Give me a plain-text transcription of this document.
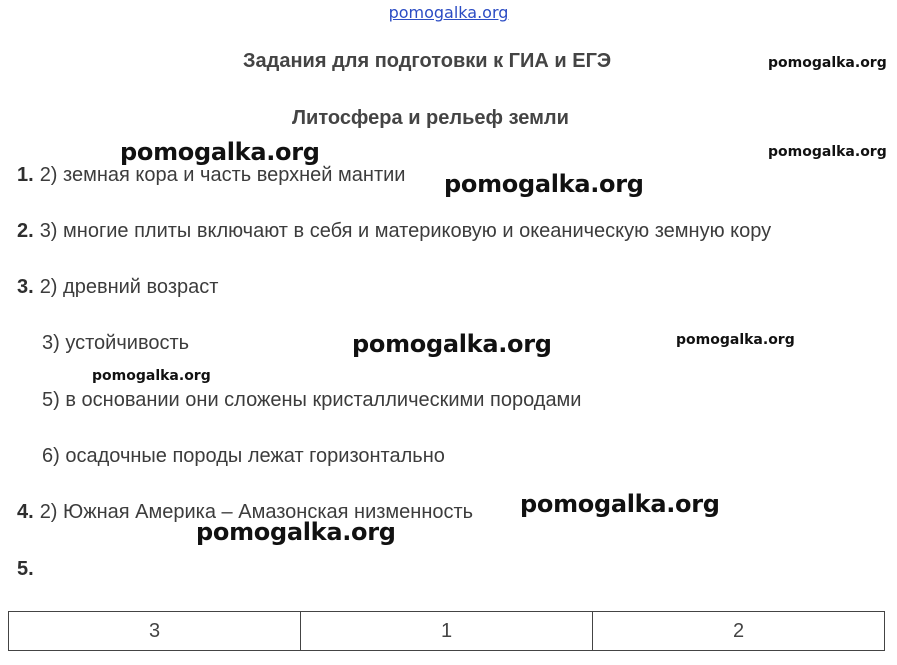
pomogalka.org
Задания для подготовки к ГИА и ЕГЭ
Литосфера и рельеф земли
1. 2) земная кора и часть верхней мантии
2. 3) многие плиты включают в себя и материковую и океаническую земную кору
3. 2) древний возраст
3) устойчивость
5) в основании они сложены кристаллическими породами
6) осадочные породы лежат горизонтально
4. 2) Южная Америка – Амазонская низменность
5.
3	1	2
pomogalka.org
pomogalka.org	pomogalka.org
pomogalka.org
pomogalka.org	pomogalka.org
pomogalka.org
pomogalka.org
pomogalka.org
